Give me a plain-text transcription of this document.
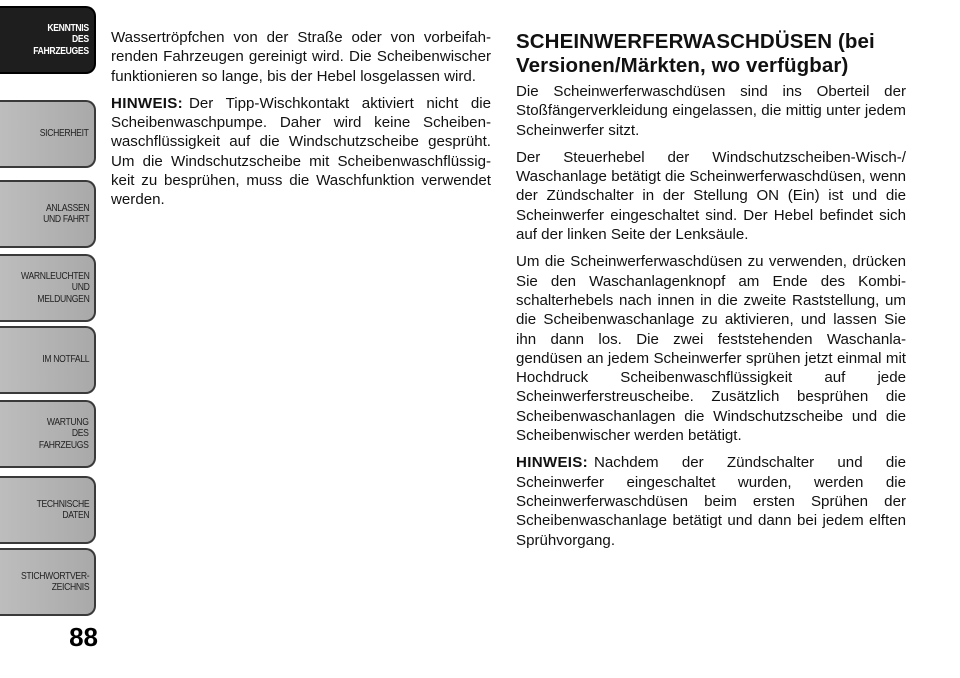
KENNTNIS
DES
FAHRZEUGES
SICHERHEIT
ANLASSEN
UND FAHRT
WARNLEUCHTEN
UND
MELDUNGEN
IM NOTFALL
WARTUNG
DES
FAHRZEUGS
TECHNISCHE
DATEN
STICHWORTVER-
ZEICHNIS
88

Wassertröpfchen von der Straße oder von vorbeifahrenden Fahrzeugen gereinigt wird. Die Scheibenwischer funktionieren so lange, bis der Hebel losgelassen wird.

HINWEIS: Der Tipp-Wischkontakt aktiviert nicht die Scheibenwaschpumpe. Daher wird keine Scheibenwaschflüssigkeit auf die Windschutzscheibe gesprüht. Um die Windschutzscheibe mit Scheibenwaschflüssigkeit zu besprühen, muss die Waschfunktion verwendet werden.

SCHEINWERFERWASCHDÜSEN (bei Versionen/Märkten, wo verfügbar)

Die Scheinwerferwaschdüsen sind ins Oberteil der Stoßfängerverkleidung eingelassen, die mittig unter jedem Scheinwerfer sitzt.

Der Steuerhebel der Windschutzscheiben-Wisch-/ Waschanlage betätigt die Scheinwerferwaschdüsen, wenn der Zündschalter in der Stellung ON (Ein) ist und die Scheinwerfer eingeschaltet sind. Der Hebel befindet sich auf der linken Seite der Lenksäule.

Um die Scheinwerferwaschdüsen zu verwenden, drücken Sie den Waschanlagenknopf am Ende des Kombischalterhebels nach innen in die zweite Raststellung, um die Scheibenwaschanlage zu aktivieren, und lassen Sie ihn dann los. Die zwei feststehenden Waschanlagendüsen an jedem Scheinwerfer sprühen jetzt einmal mit Hochdruck Scheibenwaschflüssigkeit auf jede Scheinwerferstreuscheibe. Zusätzlich besprühen die Scheibenwaschanlagen die Windschutzscheibe und die Scheibenwischer werden betätigt.

HINWEIS: Nachdem der Zündschalter und die Scheinwerfer eingeschaltet wurden, werden die Scheinwerferwaschdüsen beim ersten Sprühen der Scheibenwaschanlage betätigt und dann bei jedem elften Sprühvorgang.
